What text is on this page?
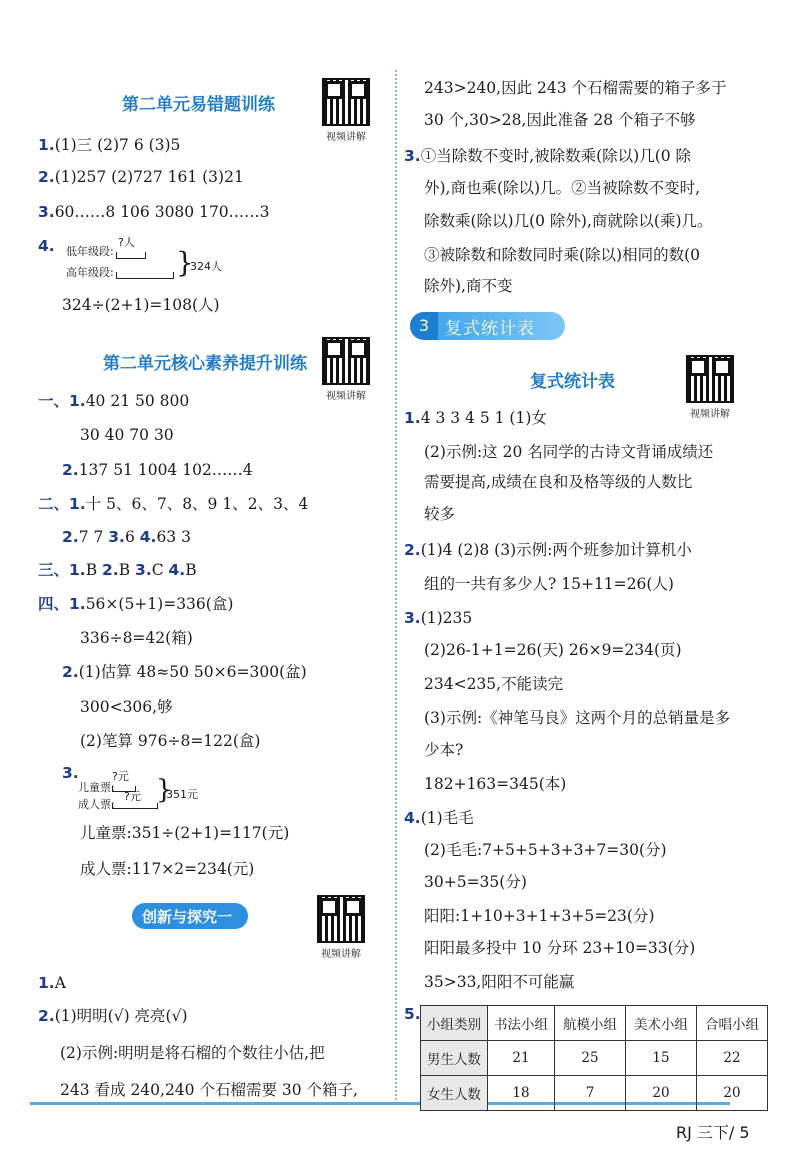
第二单元易错题训练
视频讲解
1.(1)三 (2)7 6 (3)5
2.(1)257 (2)727 161 (3)21
3.60……8 106 3080 170……3
4. 低年级段:
高年级段:
?人
}
324人
324÷(2+1)=108(人)
第二单元核心素养提升训练
视频讲解
一、1.40 21 50 800
30 40 70 30
2.137 51 1004 102……4
二、1.十 5、6、7、8、9 1、2、3、4
2.7 7 3.6 4.63 3
三、1.B 2.B 3.C 4.B
四、1.56×(5+1)=336(盒)
336÷8=42(箱)
2.(1)估算 48≈50 50×6=300(盆)
300<306,够
(2)笔算 976÷8=122(盒)
3.
儿童票:
成人票:
?元
?元 }
351元
儿童票:351÷(2+1)=117(元)
成人票:117×2=234(元)
创新与探究一
视频讲解
1.A
2.(1)明明(√) 亮亮(√)
(2)示例:明明是将石榴的个数往小估,把
243 看成 240,240 个石榴需要 30 个箱子,
243>240,因此 243 个石榴需要的箱子多于
30 个,30>28,因此准备 28 个箱子不够
3.①当除数不变时,被除数乘(除以)几(0 除
外),商也乘(除以)几。②当被除数不变时,
除数乘(除以)几(0 除外),商就除以(乘)几。
③被除数和除数同时乘(除以)相同的数(0
除外),商不变
3 复式统计表
复式统计表
视频讲解
1.4 3 3 4 5 1 (1)女
(2)示例:这 20 名同学的古诗文背诵成绩还
需要提高,成绩在良和及格等级的人数比
较多
2.(1)4 (2)8 (3)示例:两个班参加计算机小
组的一共有多少人? 15+11=26(人)
3.(1)235
(2)26-1+1=26(天) 26×9=234(页)
234<235,不能读完
(3)示例:《神笔马良》这两个月的总销量是多
少本?
182+163=345(本)
4.(1)毛毛
(2)毛毛:7+5+5+3+3+7=30(分)
30+5=35(分)
阳阳:1+10+3+1+3+5=23(分)
阳阳最多投中 10 分环 23+10=33(分)
35>33,阳阳不可能赢
5.
小组类别	书法小组	航模小组	美术小组	合唱小组
男生人数	21	25	15	22
女生人数	18	7	20	20
RJ 三下/ 5
